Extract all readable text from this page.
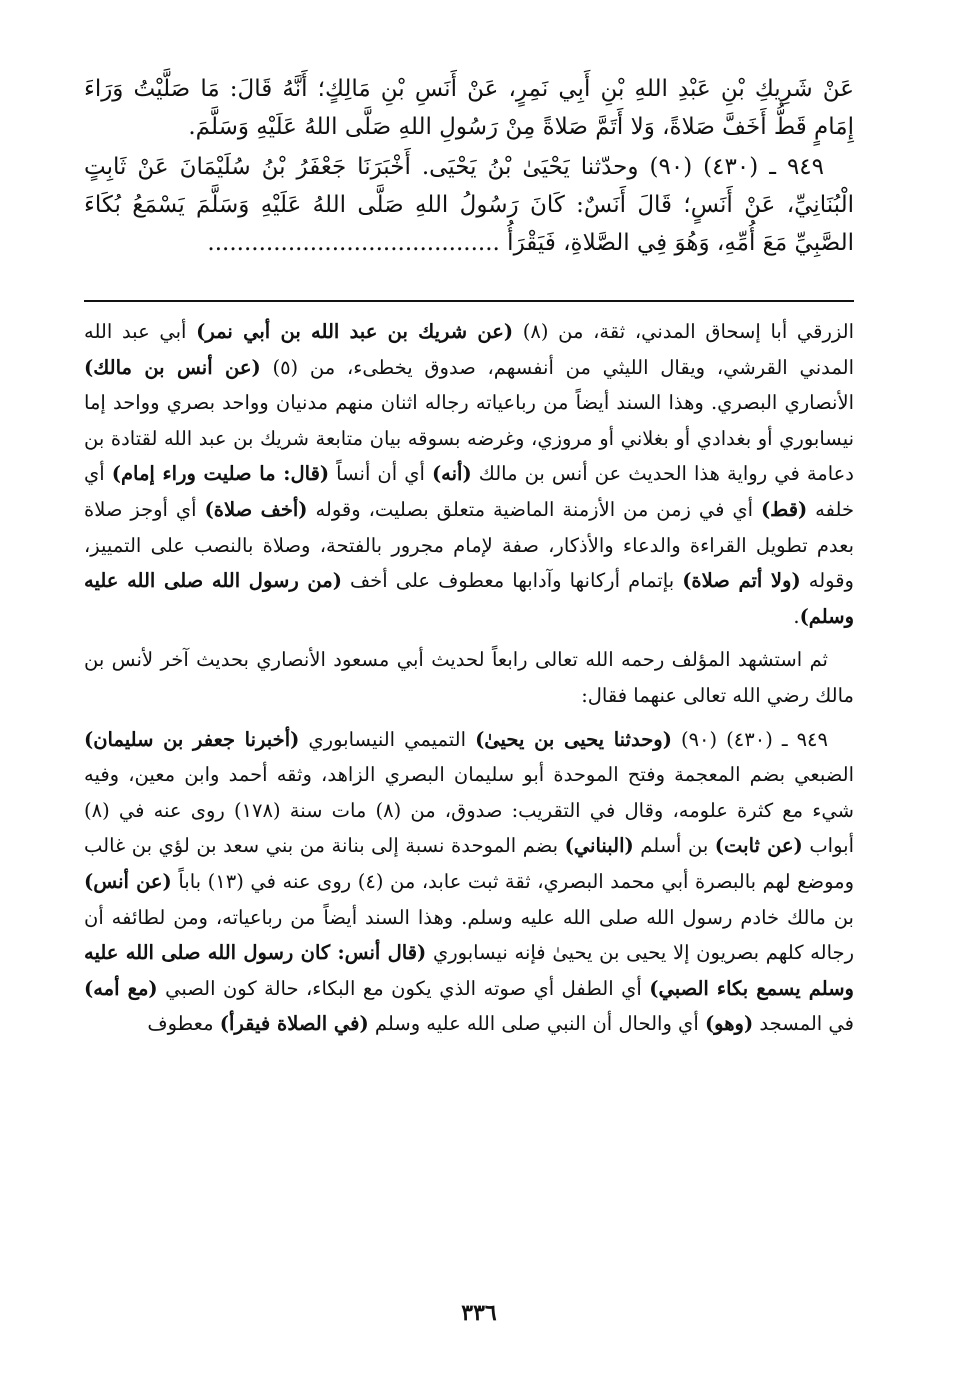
عَنْ شَرِيكِ بْنِ عَبْدِ اللهِ بْنِ أَبِي نَمِرٍ، عَنْ أَنَسِ بْنِ مَالِكٍ؛ أَنَّهُ قَالَ: مَا صَلَّيْتُ وَرَاءَ إِمَامٍ قَطُّ أَخَفَّ صَلاةً، وَلا أَتَمَّ صَلاةً مِنْ رَسُولِ اللهِ صَلَّى اللهُ عَلَيْهِ وَسَلَّمَ.

٩٤٩ ـ (٤٣٠) (٩٠) وحدّثنا يَحْيَىٰ بْنُ يَحْيَى. أَخْبَرَنَا جَعْفَرُ بْنُ سُلَيْمَانَ عَنْ ثَابِتٍ الْبُنَانِيِّ، عَنْ أَنَسٍ؛ قَالَ أَنَسٌ: كَانَ رَسُولُ اللهِ صَلَّى اللهُ عَلَيْهِ وَسَلَّمَ يَسْمَعُ بُكَاءَ الصَّبِيِّ مَعَ أُمِّهِ، وَهُوَ فِي الصَّلاةِ، فَيَقْرَأُ ........................................

الزرقي أبا إسحاق المدني، ثقة، من (٨) (عن شريك بن عبد الله بن أبي نمر) أبي عبد الله المدني القرشي، ويقال الليثي من أنفسهم، صدوق يخطىء، من (٥) (عن أنس بن مالك) الأنصاري البصري. وهذا السند أيضاً من رباعياته رجاله اثنان منهم مدنيان وواحد بصري وواحد إما نيسابوري أو بغدادي أو بغلاني أو مروزي، وغرضه بسوقه بيان متابعة شريك بن عبد الله لقتادة بن دعامة في رواية هذا الحديث عن أنس بن مالك (أنه) أي أن أنساً (قال: ما صليت وراء إمام) أي خلفه (قط) أي في زمن من الأزمنة الماضية متعلق بصليت، وقوله (أخف صلاة) أي أوجز صلاة بعدم تطويل القراءة والدعاء والأذكار، صفة لإمام مجرور بالفتحة، وصلاة بالنصب على التمييز، وقوله (ولا أتم صلاة) بإتمام أركانها وآدابها معطوف على أخف (من رسول الله صلى الله عليه وسلم).

ثم استشهد المؤلف رحمه الله تعالى رابعاً لحديث أبي مسعود الأنصاري بحديث آخر لأنس بن مالك رضي الله تعالى عنهما فقال:

٩٤٩ ـ (٤٣٠) (٩٠) (وحدثنا يحيى بن يحيىٰ) التميمي النيسابوري (أخبرنا جعفر بن سليمان) الضبعي بضم المعجمة وفتح الموحدة أبو سليمان البصري الزاهد، وثقه أحمد وابن معين، وفيه شيء مع كثرة علومه، وقال في التقريب: صدوق، من (٨) مات سنة (١٧٨) روى عنه في (٨) أبواب (عن ثابت) بن أسلم (البناني) بضم الموحدة نسبة إلى بنانة من بني سعد بن لؤي بن غالب وموضع لهم بالبصرة أبي محمد البصري، ثقة ثبت عابد، من (٤) روى عنه في (١٣) باباً (عن أنس) بن مالك خادم رسول الله صلى الله عليه وسلم. وهذا السند أيضاً من رباعياته، ومن لطائفه أن رجاله كلهم بصريون إلا يحيى بن يحيىٰ فإنه نيسابوري (قال أنس: كان رسول الله صلى الله عليه وسلم يسمع بكاء الصبي) أي الطفل أي صوته الذي يكون مع البكاء، حالة كون الصبي (مع أمه) في المسجد (وهو) أي والحال أن النبي صلى الله عليه وسلم (في الصلاة فيقرأ) معطوف

٣٣٦
